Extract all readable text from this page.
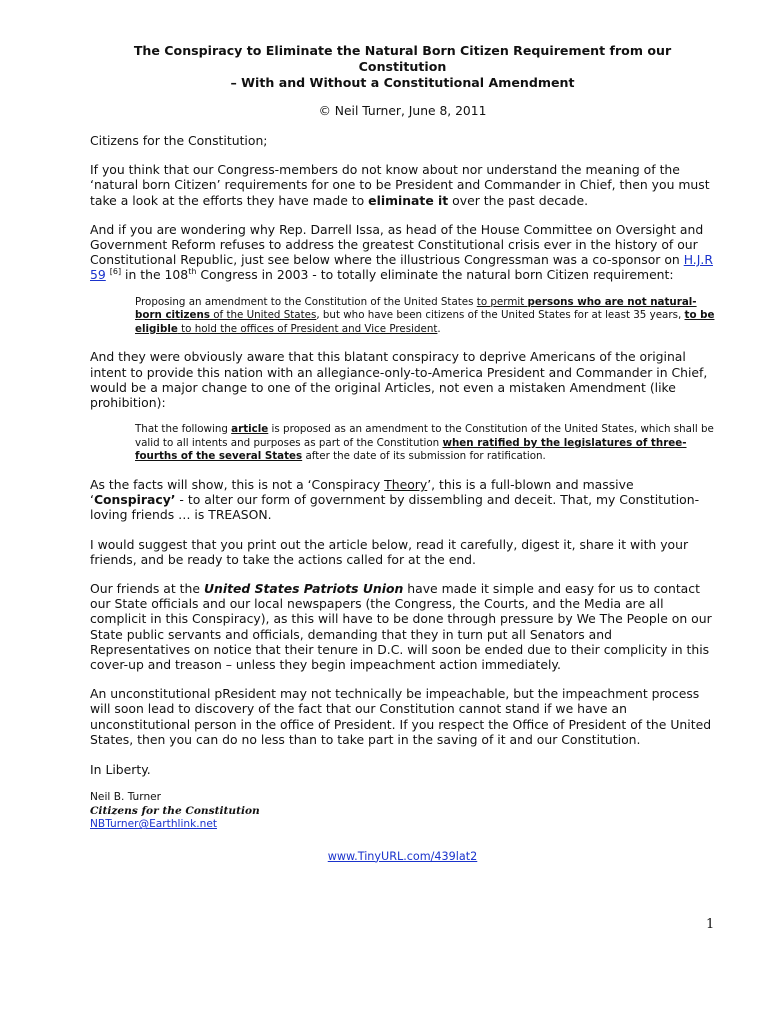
The Conspiracy to Eliminate the Natural Born Citizen Requirement from our Constitution
– With and Without a Constitutional Amendment
© Neil Turner, June 8, 2011

Citizens for the Constitution;

If you think that our Congress-members do not know about nor understand the meaning of the ‘natural born Citizen’ requirements for one to be President and Commander in Chief, then you must take a look at the efforts they have made to eliminate it over the past decade.

And if you are wondering why Rep. Darrell Issa, as head of the House Committee on Oversight and Government Reform refuses to address the greatest Constitutional crisis ever in the history of our Constitutional Republic, just see below where the illustrious Congressman was a co-sponsor on H.J.R 59 [6] in the 108th Congress in 2003 - to totally eliminate the natural born Citizen requirement:

Proposing an amendment to the Constitution of the United States to permit persons who are not natural-born citizens of the United States, but who have been citizens of the United States for at least 35 years, to be eligible to hold the offices of President and Vice President.

And they were obviously aware that this blatant conspiracy to deprive Americans of the original intent to provide this nation with an allegiance-only-to-America President and Commander in Chief, would be a major change to one of the original Articles, not even a mistaken Amendment (like prohibition):

That the following article is proposed as an amendment to the Constitution of the United States, which shall be valid to all intents and purposes as part of the Constitution when ratified by the legislatures of three-fourths of the several States after the date of its submission for ratification.

As the facts will show, this is not a ‘Conspiracy Theory’, this is a full-blown and massive ‘Conspiracy’ - to alter our form of government by dissembling and deceit. That, my Constitution-loving friends … is TREASON.

I would suggest that you print out the article below, read it carefully, digest it, share it with your friends, and be ready to take the actions called for at the end.

Our friends at the United States Patriots Union have made it simple and easy for us to contact our State officials and our local newspapers (the Congress, the Courts, and the Media are all complicit in this Conspiracy), as this will have to be done through pressure by We The People on our State public servants and officials, demanding that they in turn put all Senators and Representatives on notice that their tenure in D.C. will soon be ended due to their complicity in this cover-up and treason – unless they begin impeachment action immediately.

An unconstitutional pResident may not technically be impeachable, but the impeachment process will soon lead to discovery of the fact that our Constitution cannot stand if we have an unconstitutional person in the office of President. If you respect the Office of President of the United States, then you can do no less than to take part in the saving of it and our Constitution.

In Liberty.

Neil B. Turner
Citizens for the Constitution
NBTurner@Earthlink.net
www.TinyURL.com/439lat2
1
